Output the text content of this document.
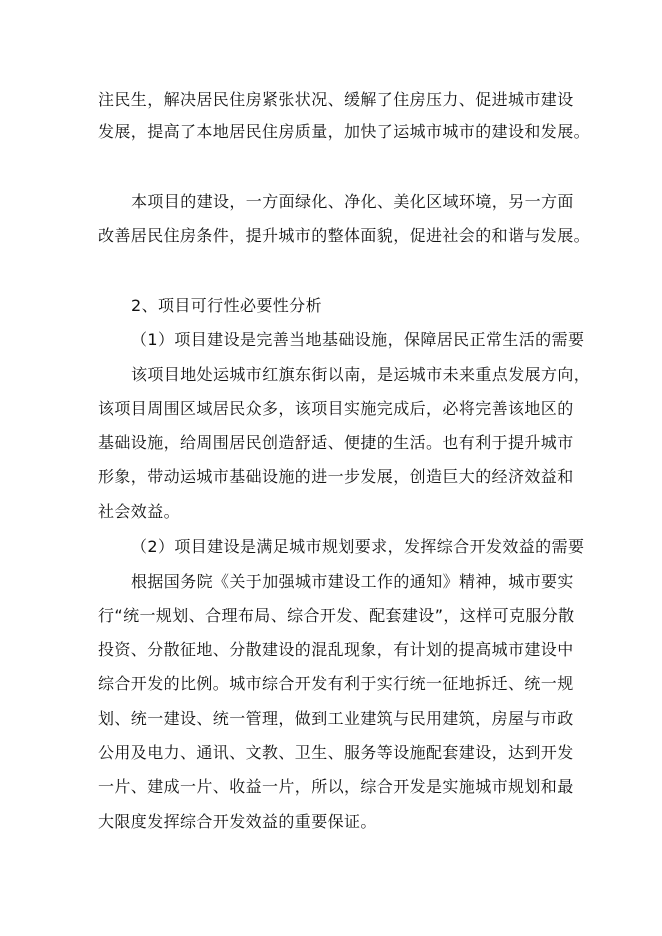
注民生，解决居民住房紧张状况、缓解了住房压力、促进城市建设
发展，提高了本地居民住房质量，加快了运城市城市的建设和发展。
本项目的建设，一方面绿化、净化、美化区域环境，另一方面
改善居民住房条件，提升城市的整体面貌，促进社会的和谐与发展。
2、项目可行性必要性分析
（1）项目建设是完善当地基础设施，保障居民正常生活的需要
该项目地处运城市红旗东街以南，是运城市未来重点发展方向，
该项目周围区域居民众多，该项目实施完成后，必将完善该地区的
基础设施，给周围居民创造舒适、便捷的生活。也有利于提升城市
形象，带动运城市基础设施的进一步发展，创造巨大的经济效益和
社会效益。
（2）项目建设是满足城市规划要求，发挥综合开发效益的需要
根据国务院《关于加强城市建设工作的通知》精神，城市要实
行“统一规划、合理布局、综合开发、配套建设”，这样可克服分散
投资、分散征地、分散建设的混乱现象，有计划的提高城市建设中
综合开发的比例。城市综合开发有利于实行统一征地拆迁、统一规
划、统一建设、统一管理，做到工业建筑与民用建筑，房屋与市政
公用及电力、通讯、文教、卫生、服务等设施配套建设，达到开发
一片、建成一片、收益一片，所以，综合开发是实施城市规划和最
大限度发挥综合开发效益的重要保证。
